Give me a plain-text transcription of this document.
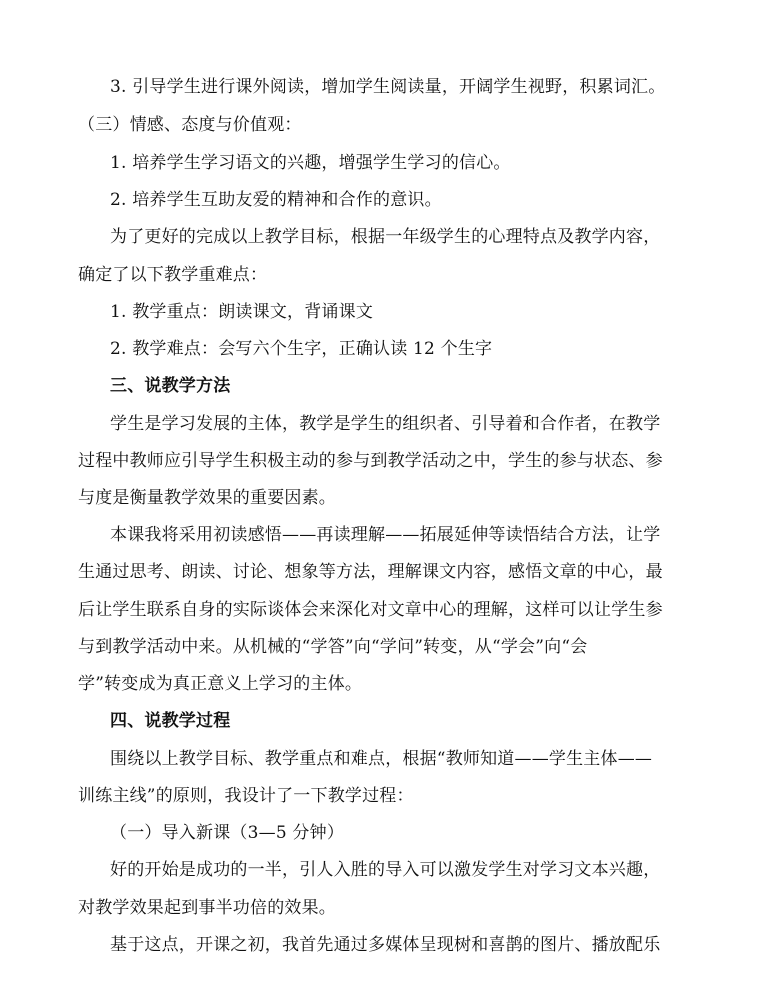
3. 引导学生进行课外阅读，增加学生阅读量，开阔学生视野，积累词汇。
（三）情感、态度与价值观：
1. 培养学生学习语文的兴趣，增强学生学习的信心。
2. 培养学生互助友爱的精神和合作的意识。
为了更好的完成以上教学目标，根据一年级学生的心理特点及教学内容，
确定了以下教学重难点：
1. 教学重点：朗读课文，背诵课文
2. 教学难点：会写六个生字，正确认读 12 个生字
三、说教学方法
学生是学习发展的主体，教学是学生的组织者、引导着和合作者，在教学
过程中教师应引导学生积极主动的参与到教学活动之中，学生的参与状态、参
与度是衡量教学效果的重要因素。
本课我将采用初读感悟——再读理解——拓展延伸等读悟结合方法，让学
生通过思考、朗读、讨论、想象等方法，理解课文内容，感悟文章的中心，最
后让学生联系自身的实际谈体会来深化对文章中心的理解，这样可以让学生参
与到教学活动中来。从机械的“学答”向“学问”转变，从“学会”向“会
学”转变成为真正意义上学习的主体。
四、说教学过程
围绕以上教学目标、教学重点和难点，根据“教师知道——学生主体——
训练主线”的原则，我设计了一下教学过程：
（一）导入新课（3—5 分钟）
好的开始是成功的一半，引人入胜的导入可以激发学生对学习文本兴趣，
对教学效果起到事半功倍的效果。
基于这点，开课之初，我首先通过多媒体呈现树和喜鹊的图片、播放配乐
